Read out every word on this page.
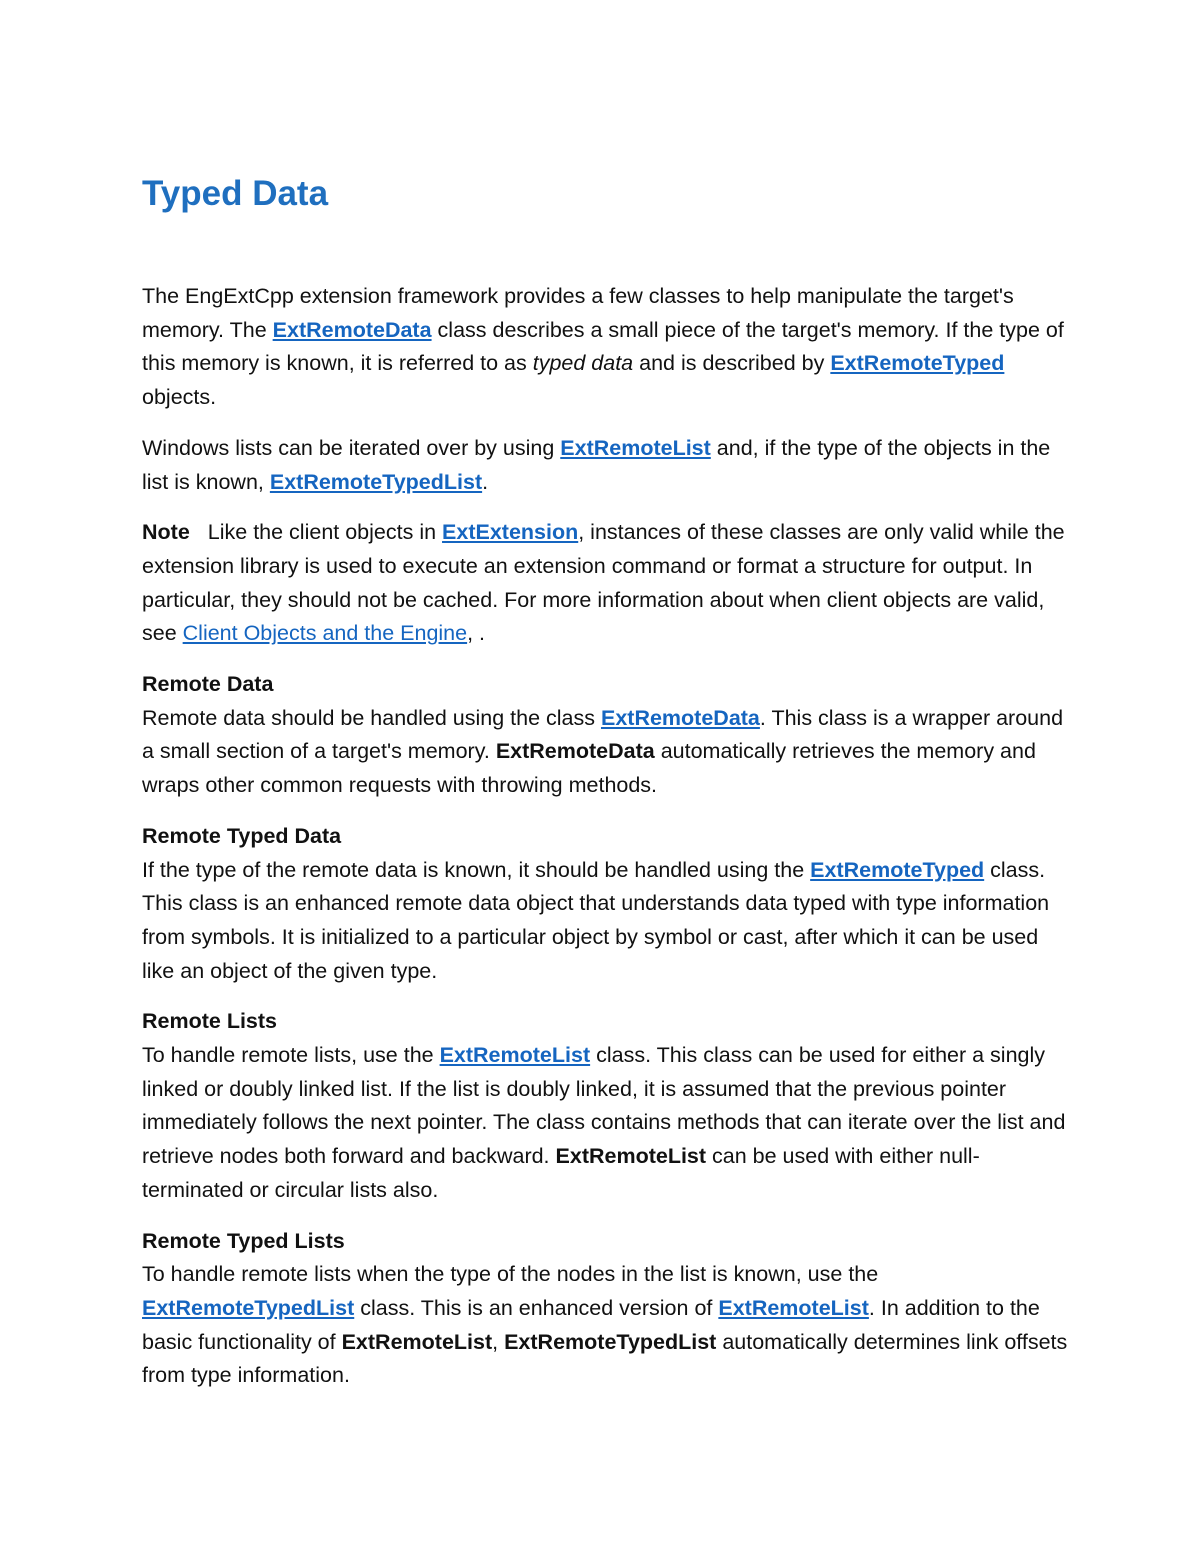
Typed Data

The EngExtCpp extension framework provides a few classes to help manipulate the target's memory. The ExtRemoteData class describes a small piece of the target's memory. If the type of this memory is known, it is referred to as typed data and is described by ExtRemoteTyped objects.

Windows lists can be iterated over by using ExtRemoteList and, if the type of the objects in the list is known, ExtRemoteTypedList.

Note Like the client objects in ExtExtension, instances of these classes are only valid while the extension library is used to execute an extension command or format a structure for output. In particular, they should not be cached. For more information about when client objects are valid, see Client Objects and the Engine, .

Remote Data
Remote data should be handled using the class ExtRemoteData. This class is a wrapper around a small section of a target's memory. ExtRemoteData automatically retrieves the memory and wraps other common requests with throwing methods.

Remote Typed Data
If the type of the remote data is known, it should be handled using the ExtRemoteTyped class. This class is an enhanced remote data object that understands data typed with type information from symbols. It is initialized to a particular object by symbol or cast, after which it can be used like an object of the given type.

Remote Lists
To handle remote lists, use the ExtRemoteList class. This class can be used for either a singly linked or doubly linked list. If the list is doubly linked, it is assumed that the previous pointer immediately follows the next pointer. The class contains methods that can iterate over the list and retrieve nodes both forward and backward. ExtRemoteList can be used with either null-terminated or circular lists also.

Remote Typed Lists
To handle remote lists when the type of the nodes in the list is known, use the ExtRemoteTypedList class. This is an enhanced version of ExtRemoteList. In addition to the basic functionality of ExtRemoteList, ExtRemoteTypedList automatically determines link offsets from type information.
